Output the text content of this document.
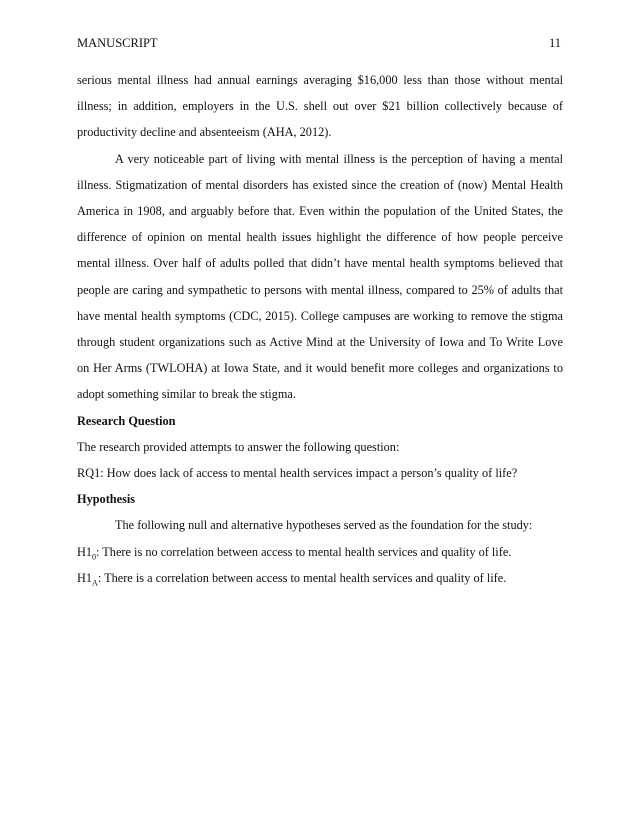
MANUSCRIPT	11

serious mental illness had annual earnings averaging $16,000 less than those without mental illness; in addition, employers in the U.S. shell out over $21 billion collectively because of productivity decline and absenteeism (AHA, 2012).

A very noticeable part of living with mental illness is the perception of having a mental illness. Stigmatization of mental disorders has existed since the creation of (now) Mental Health America in 1908, and arguably before that. Even within the population of the United States, the difference of opinion on mental health issues highlight the difference of how people perceive mental illness. Over half of adults polled that didn’t have mental health symptoms believed that people are caring and sympathetic to persons with mental illness, compared to 25% of adults that have mental health symptoms (CDC, 2015). College campuses are working to remove the stigma through student organizations such as Active Mind at the University of Iowa and To Write Love on Her Arms (TWLOHA) at Iowa State, and it would benefit more colleges and organizations to adopt something similar to break the stigma.

Research Question

The research provided attempts to answer the following question:

RQ1: How does lack of access to mental health services impact a person’s quality of life?

Hypothesis

The following null and alternative hypotheses served as the foundation for the study:

$H1_0$: There is no correlation between access to mental health services and quality of life.

$H1_A$: There is a correlation between access to mental health services and quality of life.
